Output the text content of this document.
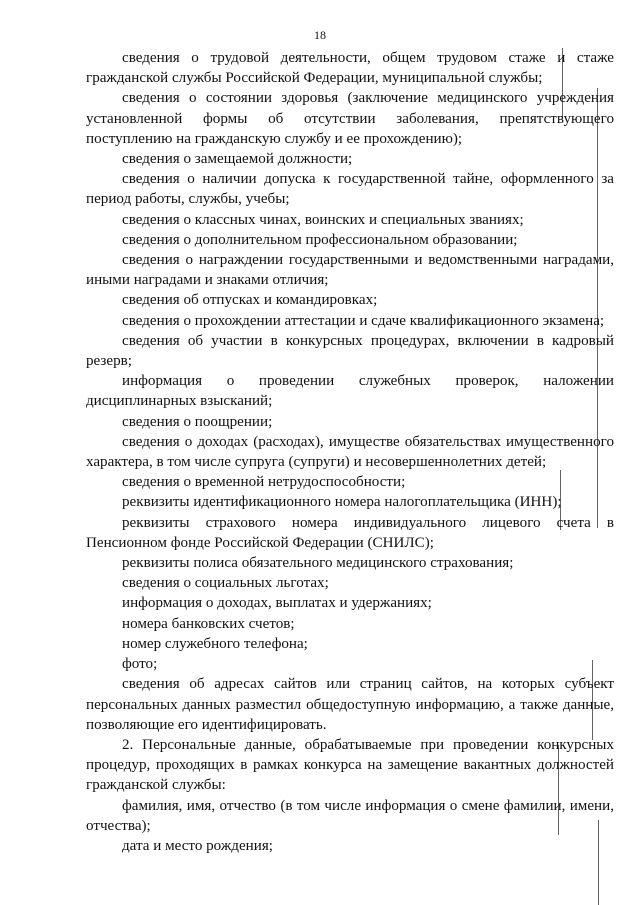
18

сведения о трудовой деятельности, общем трудовом стаже и стаже гражданской службы Российской Федерации, муниципальной службы;

сведения о состоянии здоровья (заключение медицинского учреждения установленной формы об отсутствии заболевания, препятствующего поступлению на гражданскую службу и ее прохождению);

сведения о замещаемой должности;

сведения о наличии допуска к государственной тайне, оформленного за период работы, службы, учебы;

сведения о классных чинах, воинских и специальных званиях;

сведения о дополнительном профессиональном образовании;

сведения о награждении государственными и ведомственными наградами, иными наградами и знаками отличия;

сведения об отпусках и командировках;

сведения о прохождении аттестации и сдаче квалификационного экзамена;

сведения об участии в конкурсных процедурах, включении в кадровый резерв;

информация о проведении служебных проверок, наложении дисциплинарных взысканий;

сведения о поощрении;

сведения о доходах (расходах), имуществе обязательствах имущественного характера, в том числе супруга (супруги) и несовершеннолетних детей;

сведения о временной нетрудоспособности;

реквизиты идентификационного номера налогоплательщика (ИНН);

реквизиты страхового номера индивидуального лицевого счета в Пенсионном фонде Российской Федерации (СНИЛС);

реквизиты полиса обязательного медицинского страхования;

сведения о социальных льготах;

информация о доходах, выплатах и удержаниях;

номера банковских счетов;

номер служебного телефона;

фото;

сведения об адресах сайтов или страниц сайтов, на которых субъект персональных данных разместил общедоступную информацию, а также данные, позволяющие его идентифицировать.

2. Персональные данные, обрабатываемые при проведении конкурсных процедур, проходящих в рамках конкурса на замещение вакантных должностей гражданской службы:

фамилия, имя, отчество (в том числе информация о смене фамилии, имени, отчества);

дата и место рождения;
